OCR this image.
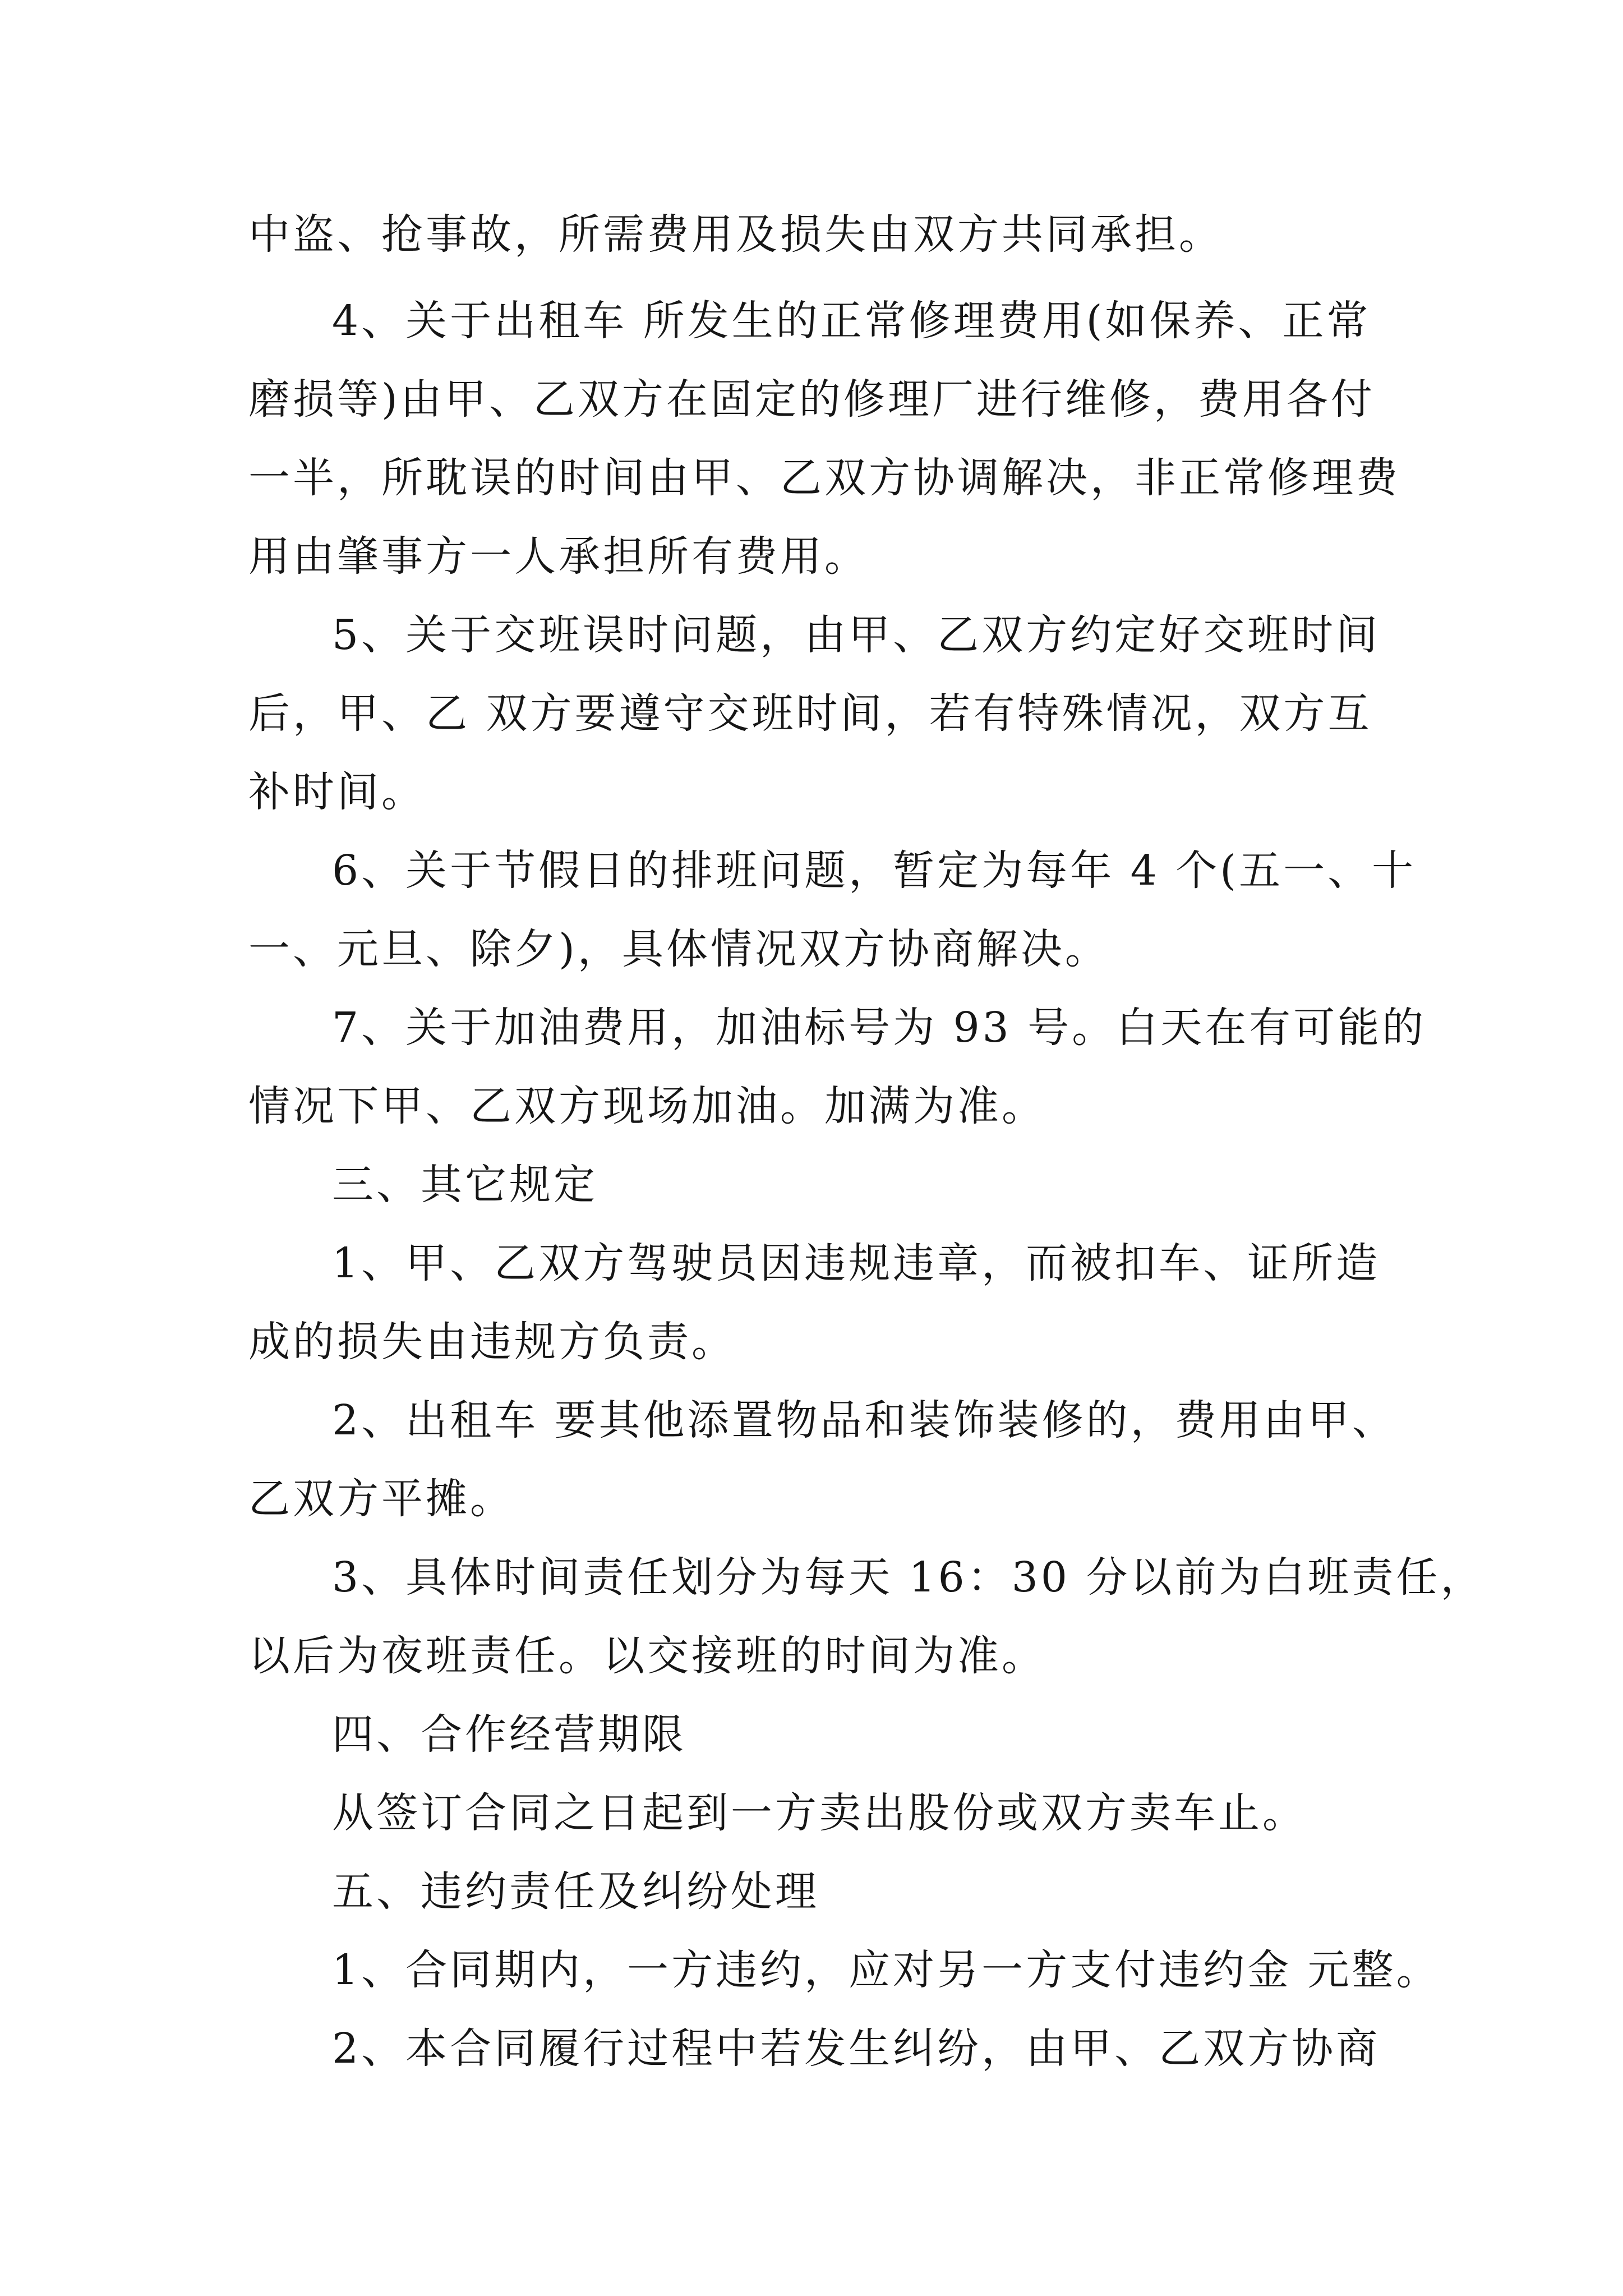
中盗、抢事故，所需费用及损失由双方共同承担。

4、关于出租车 所发生的正常修理费用(如保养、正常

磨损等)由甲、乙双方在固定的修理厂进行维修，费用各付

一半，所耽误的时间由甲、乙双方协调解决，非正常修理费

用由肇事方一人承担所有费用。

5、关于交班误时问题，由甲、乙双方约定好交班时间

后，甲、乙 双方要遵守交班时间，若有特殊情况，双方互

补时间。

6、关于节假日的排班问题，暂定为每年 4 个(五一、十

一、元旦、除夕)，具体情况双方协商解决。

7、关于加油费用，加油标号为 93 号。白天在有可能的

情况下甲、乙双方现场加油。加满为准。

三、其它规定

1、甲、乙双方驾驶员因违规违章，而被扣车、证所造

成的损失由违规方负责。

2、出租车 要其他添置物品和装饰装修的，费用由甲、

乙双方平摊。

3、具体时间责任划分为每天 16：30 分以前为白班责任，

以后为夜班责任。以交接班的时间为准。

四、合作经营期限

从签订合同之日起到一方卖出股份或双方卖车止。

五、违约责任及纠纷处理

1、合同期内，一方违约，应对另一方支付违约金 元整。

2、本合同履行过程中若发生纠纷，由甲、乙双方协商
